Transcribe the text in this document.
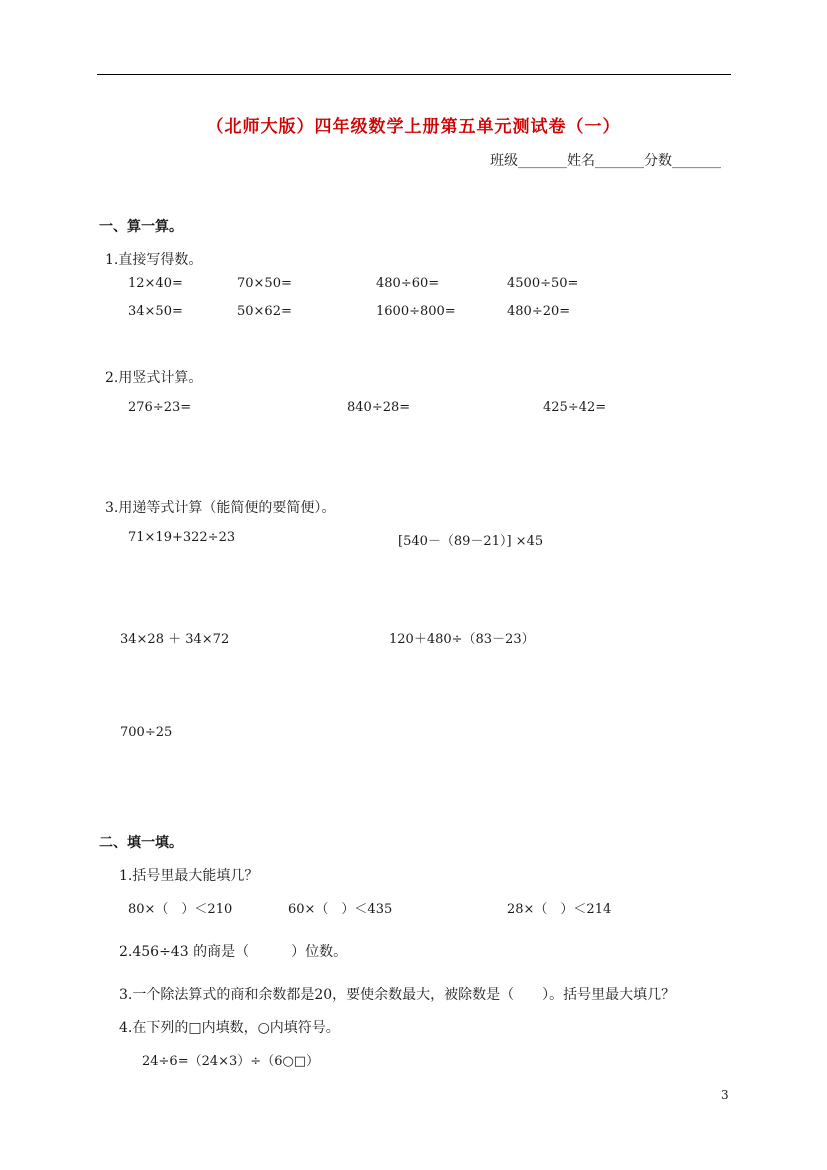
（北师大版）四年级数学上册第五单元测试卷（一）
班级_______姓名_______分数_______
一、算一算。
1.直接写得数。
12×40=	70×50=	480÷60=	4500÷50=
34×50=	50×62=	1600÷800=	480÷20=
2.用竖式计算。
276÷23=	840÷28=	425÷42=
3.用递等式计算（能简便的要简便）。
71×19+322÷23	[540－（89－21）] ×45
34×28 ＋ 34×72	120＋480÷（83－23）
700÷25
二、填一填。
1.括号里最大能填几？
80×（　）＜210	60×（　）＜435	28×（　）＜214
2.456÷43 的商是（　　　）位数。
3.一个除法算式的商和余数都是20，要使余数最大，被除数是（　　）。括号里最大填几？
4.在下列的□内填数，○内填符号。
24÷6=（24×3）÷（6○□）
3
